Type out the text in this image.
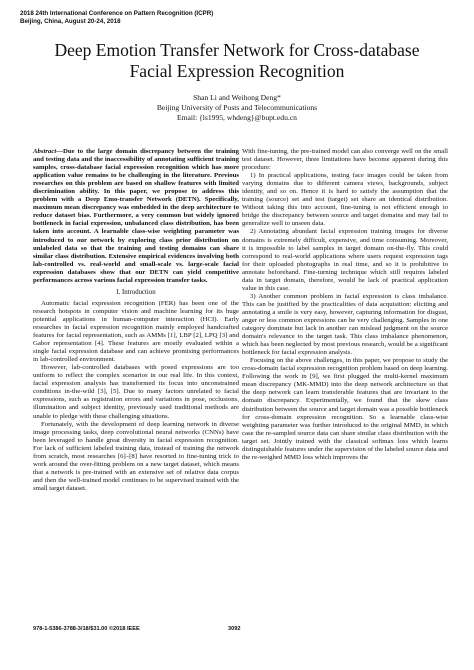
2018 24th International Conference on Pattern Recognition (ICPR)
Beijing, China, August 20-24, 2018
Deep Emotion Transfer Network for Cross-database
Facial Expression Recognition
Shan Li and Weihong Deng*
Beijing University of Posts and Telecommunications
Email: {ls1995, whdeng}@bupt.edu.cn

Abstract—Due to the large domain discrepancy between the training and testing data and the inaccessibility of annotating sufficient training samples, cross-database facial expression recognition which has more application value remains to be challenging in the literature. Previous researches on this problem are based on shallow features with limited discrimination ability. In this paper, we propose to address this problem with a Deep Emo-transfer Network (DETN). Specifically, maximum mean discrepancy was embedded in the deep architecture to reduce dataset bias. Furthermore, a very common but widely ignored bottleneck in facial expression, unbalanced class distribution, has been taken into account. A learnable class-wise weighting parameter was introduced to our network by exploring class prior distribution on unlabeled data so that the training and testing domains can share similar class distribution. Extensive empirical evidences involving both lab-controlled vs. real-world and small-scale vs. large-scale facial expression databases show that our DETN can yield competitive performances across various facial expression transfer tasks.

I. Introduction

Automatic facial expression recognition (FER) has been one of the research hotspots in computer vision and machine learning for its huge potential applications in human-computer interaction (HCI). Early researches in facial expression recognition mainly employed handcrafted features for facial representation, such as AMMs [1], LBP [2], LPQ [3] and Gabor representation [4]. These features are mostly evaluated within a single facial expression database and can achieve promising performances in lab-controlled environment.

However, lab-controlled databases with posed expressions are too uniform to reflect the complex scenarios in our real life. In this context, facial expression analysis has transformed its focus into unconstrained conditions in-the-wild [3], [5]. Due to many factors unrelated to facial expressions, such as registration errors and variations in pose, occlusions, illumination and subject identity, previously used traditional methods are unable to pledge with these challenging situations.

Fortunately, with the development of deep learning network in diverse image processing tasks, deep convolutional neural networks (CNNs) have been leveraged to handle great diversity in facial expression recognition. For lack of sufficient labeled training data, instead of training the network from scratch, most researches [6]–[8] have resorted to fine-tuning trick to work around the over-fitting problem on a new target dataset, which means that a network is pre-trained with an extensive set of relative data corpus and then the well-trained model continues to be supervised trained with the small target dataset.

With fine-tuning, the pre-trained model can also converge well on the small test dataset. However, three limitations have become apparent during this procedure:

1) In practical applications, testing face images could be taken from varying domains due to different camera views, backgrounds, subject identity, and so on. Hence it is hard to satisfy the assumption that the training (source) set and test (target) set share an identical distribution. Without taking this into account, fine-tuning is not efficient enough to bridge the discrepancy between source and target domains and may fail to generalize well to unseen data.

2) Annotating abundant facial expression training images for diverse domains is extremely difficult, expensive, and time consuming. Moreover, it is impossible to label samples in target domain on-the-fly. This could correspond to real-world applications where users request expression tags for their uploaded photographs in real time, and so it is prohibitive to annotate beforehand. Fine-turning technique which still requires labeled data in target domain, therefore, would be lack of practical application value in this case.

3) Another common problem in facial expression is class imbalance. This can be justified by the practicalities of data acquisition: eliciting and annotating a smile is very easy, however, capturing information for disgust, anger or less common expressions can be very challenging. Samples in one category dominate but lack in another can mislead judgment on the source domain's relevance to the target task. This class imbalance phenomenon, which has been neglected by most previous research, would be a significant bottleneck for facial expression analysis.

Focusing on the above challenges, in this paper, we propose to study the cross-domain facial expression recognition problem based on deep learning. Following the work in [9], we first plugged the multi-kernel maximum mean discrepancy (MK-MMD) into the deep network architecture so that the deep network can learn transferable features that are invariant to the domain discrepancy. Experimentally, we found that the skew class distribution between the source and target domain was a possible bottleneck for cross-domain expression recognition. So a learnable class-wise weighting parameter was further introduced to the original MMD, in which case the re-sampled source data can share similar class distribution with the target set. Jointly trained with the classical softmax loss which learns distinguishable features under the supervision of the labeled source data and the re-weighed MMD loss which improves the

978-1-5386-3788-3/18/$31.00 ©2018 IEEE	3092
